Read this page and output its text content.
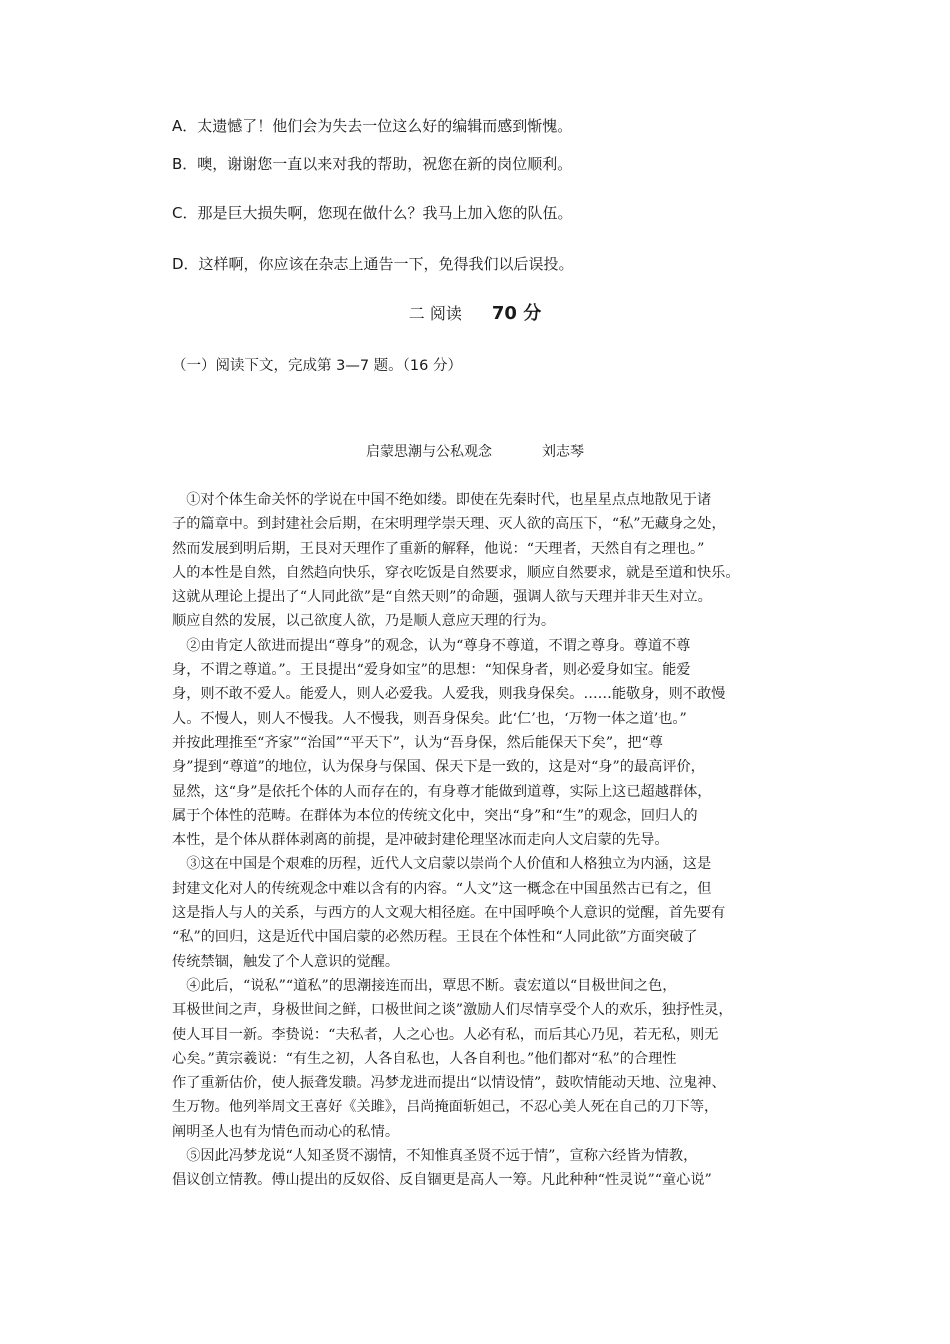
A．太遗憾了！他们会为失去一位这么好的编辑而感到惭愧。
B．噢，谢谢您一直以来对我的帮助，祝您在新的岗位顺利。
C．那是巨大损失啊，您现在做什么？我马上加入您的队伍。
D．这样啊，你应该在杂志上通告一下，免得我们以后误投。
二 阅读 70 分
（一）阅读下文，完成第 3—7 题。（16 分）
启蒙思潮与公私观念	刘志琴
　①对个体生命关怀的学说在中国不绝如缕。即使在先秦时代，也星星点点地散见于诸
子的篇章中。到封建社会后期，在宋明理学崇天理、灭人欲的高压下，“私”无藏身之处，
然而发展到明后期，王艮对天理作了重新的解释，他说：“天理者，天然自有之理也。”
人的本性是自然，自然趋向快乐，穿衣吃饭是自然要求，顺应自然要求，就是至道和快乐。
这就从理论上提出了“人同此欲”是“自然天则”的命题，强调人欲与天理并非天生对立。
顺应自然的发展，以己欲度人欲，乃是顺人意应天理的行为。
　②由肯定人欲进而提出“尊身”的观念，认为“尊身不尊道，不谓之尊身。尊道不尊
身，不谓之尊道。”。王艮提出“爱身如宝”的思想：“知保身者，则必爱身如宝。能爱
身，则不敢不爱人。能爱人，则人必爱我。人爱我，则我身保矣。……能敬身，则不敢慢
人。不慢人，则人不慢我。人不慢我，则吾身保矣。此‘仁’也，‘万物一体之道’也。”
并按此理推至“齐家”“治国”“平天下”，认为“吾身保，然后能保天下矣”，把“尊
身”提到“尊道”的地位，认为保身与保国、保天下是一致的，这是对“身”的最高评价，
显然，这“身”是依托个体的人而存在的，有身尊才能做到道尊，实际上这已超越群体，
属于个体性的范畴。在群体为本位的传统文化中，突出“身”和“生”的观念，回归人的
本性，是个体从群体剥离的前提，是冲破封建伦理坚冰而走向人文启蒙的先导。
　③这在中国是个艰难的历程，近代人文启蒙以崇尚个人价值和人格独立为内涵，这是
封建文化对人的传统观念中难以含有的内容。“人文”这一概念在中国虽然古已有之，但
这是指人与人的关系，与西方的人文观大相径庭。在中国呼唤个人意识的觉醒，首先要有
“私”的回归，这是近代中国启蒙的必然历程。王艮在个体性和“人同此欲”方面突破了
传统禁锢，触发了个人意识的觉醒。
　④此后，“说私”“道私”的思潮接连而出，覃思不断。袁宏道以“目极世间之色，
耳极世间之声，身极世间之鲜，口极世间之谈”激励人们尽情享受个人的欢乐，独抒性灵，
使人耳目一新。李贽说：“夫私者，人之心也。人必有私，而后其心乃见，若无私，则无
心矣。”黄宗羲说：“有生之初，人各自私也，人各自利也。”他们都对“私”的合理性
作了重新估价，使人振聋发聩。冯梦龙进而提出“以情设情”，鼓吹情能动天地、泣鬼神、
生万物。他列举周文王喜好《关雎》，吕尚掩面斩妲己，不忍心美人死在自己的刀下等，
阐明圣人也有为情色而动心的私情。
　⑤因此冯梦龙说“人知圣贤不溺情，不知惟真圣贤不远于情”，宣称六经皆为情教，
倡议创立情教。傅山提出的反奴俗、反自锢更是高人一筹。凡此种种“性灵说”“童心说”
